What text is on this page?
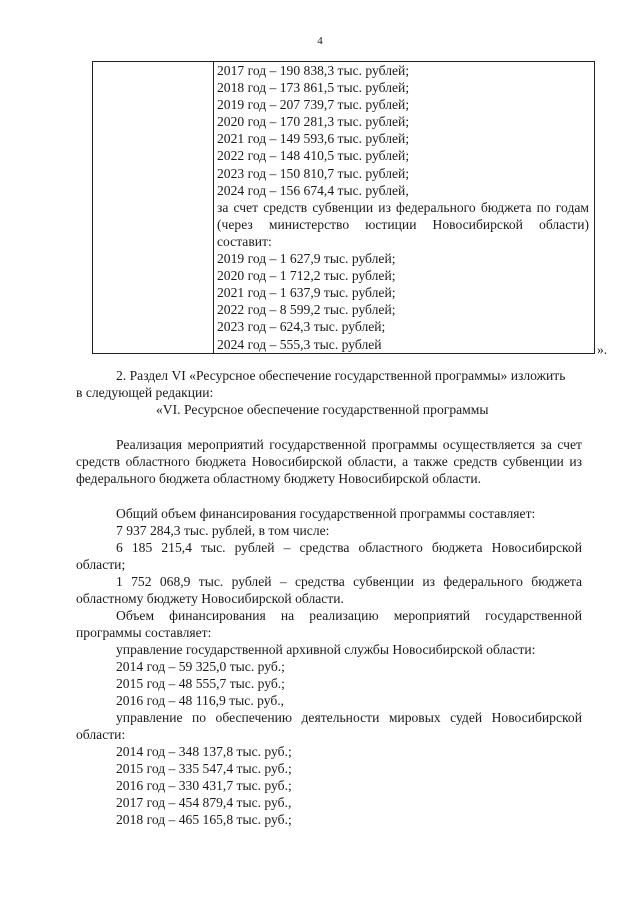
4

2017 год – 190 838,3 тыс. рублей;
2018 год – 173 861,5 тыс. рублей;
2019 год – 207 739,7 тыс. рублей;
2020 год – 170 281,3 тыс. рублей;
2021 год – 149 593,6 тыс. рублей;
2022 год – 148 410,5 тыс. рублей;
2023 год – 150 810,7 тыс. рублей;
2024 год – 156 674,4 тыс. рублей,
за счет средств субвенции из федерального бюджета по годам (через министерство юстиции Новосибирской области) составит:
2019 год – 1 627,9 тыс. рублей;
2020 год – 1 712,2 тыс. рублей;
2021 год – 1 637,9 тыс. рублей;
2022 год – 8 599,2 тыс. рублей;
2023 год – 624,3 тыс. рублей;
2024 год – 555,3 тыс. рублей	».
2. Раздел VI «Ресурсное обеспечение государственной программы» изложить
в следующей редакции:
«VI. Ресурсное обеспечение государственной программы
Реализация мероприятий государственной программы осуществляется за счет средств областного бюджета Новосибирской области, а также средств субвенции из федерального бюджета областному бюджету Новосибирской области.
Общий объем финансирования государственной программы составляет:
7 937 284,3 тыс. рублей, в том числе:
6 185 215,4 тыс. рублей – средства областного бюджета Новосибирской
области;
1 752 068,9 тыс. рублей – средства субвенции из федерального бюджета
областному бюджету Новосибирской области.
Объем финансирования на реализацию мероприятий государственной
программы составляет:
управление государственной архивной службы Новосибирской области:
2014 год – 59 325,0 тыс. руб.;
2015 год – 48 555,7 тыс. руб.;
2016 год – 48 116,9 тыс. руб.,
управление по обеспечению деятельности мировых судей Новосибирской
области:
2014 год – 348 137,8 тыс. руб.;
2015 год – 335 547,4 тыс. руб.;
2016 год – 330 431,7 тыс. руб.;
2017 год – 454 879,4 тыс. руб.,
2018 год – 465 165,8 тыс. руб.;
